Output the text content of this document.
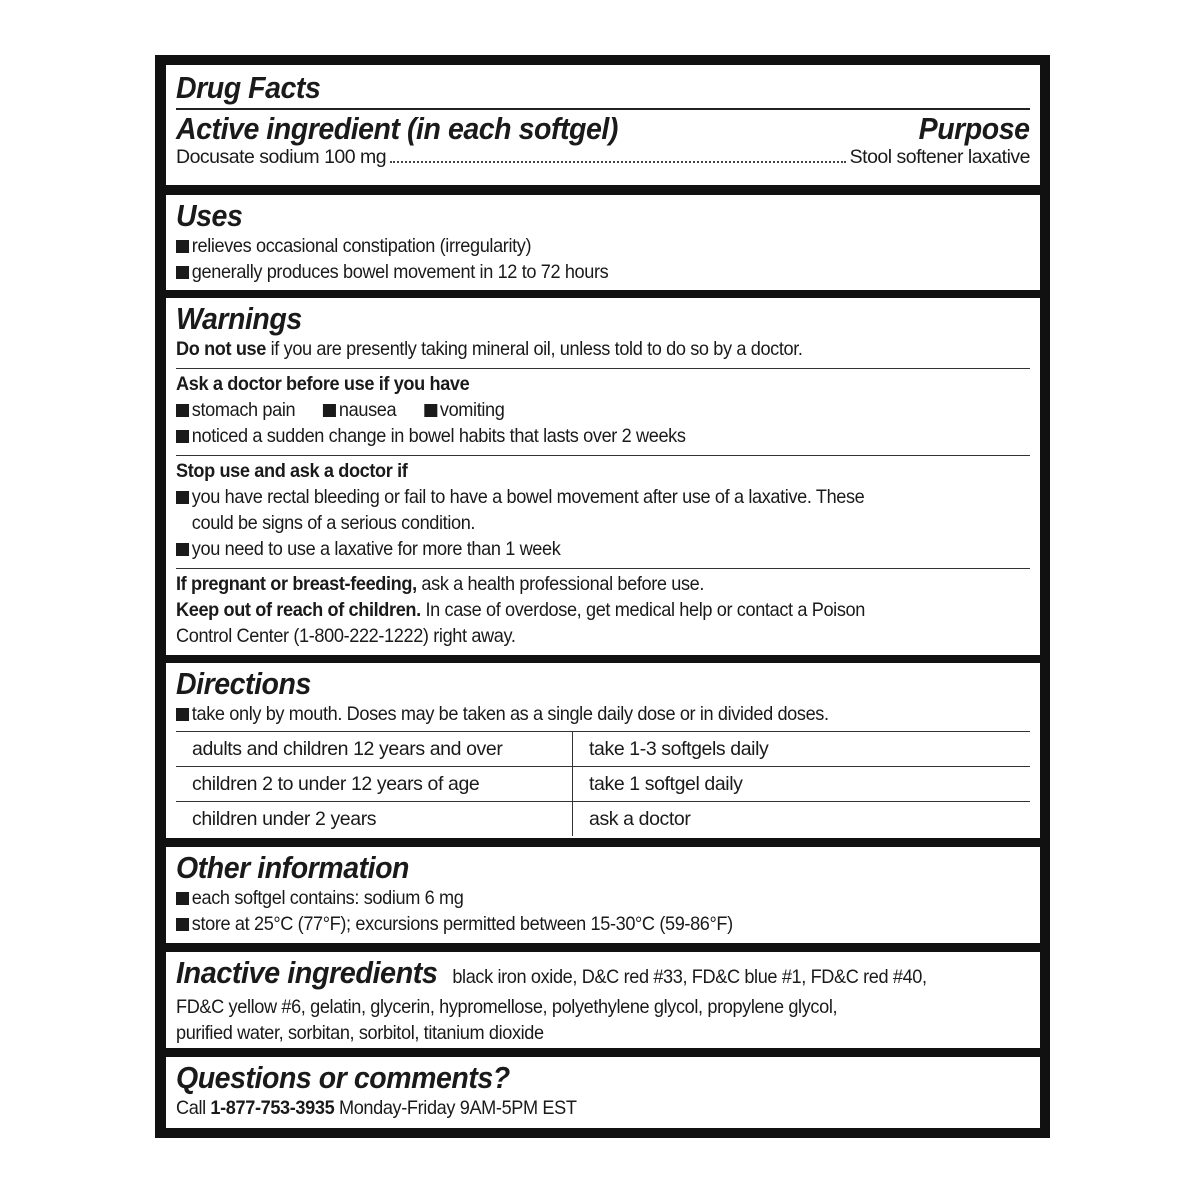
Drug Facts
Active ingredient (in each softgel)	Purpose
Docusate sodium 100 mg	Stool softener laxative
Uses
relieves occasional constipation (irregularity)
generally produces bowel movement in 12 to 72 hours
Warnings
Do not use if you are presently taking mineral oil, unless told to do so by a doctor.
Ask a doctor before use if you have
stomach pain nausea vomiting
noticed a sudden change in bowel habits that lasts over 2 weeks
Stop use and ask a doctor if
you have rectal bleeding or fail to have a bowel movement after use of a laxative. These
could be signs of a serious condition.
you need to use a laxative for more than 1 week
If pregnant or breast-feeding, ask a health professional before use.
Keep out of reach of children. In case of overdose, get medical help or contact a Poison
Control Center (1-800-222-1222) right away.
Directions
take only by mouth. Doses may be taken as a single daily dose or in divided doses.
adults and children 12 years and over	take 1-3 softgels daily
children 2 to under 12 years of age	take 1 softgel daily
children under 2 years	ask a doctor
Other information
each softgel contains: sodium 6 mg
store at 25°C (77°F); excursions permitted between 15-30°C (59-86°F)
Inactive ingredients black iron oxide, D&C red #33, FD&C blue #1, FD&C red #40,
FD&C yellow #6, gelatin, glycerin, hypromellose, polyethylene glycol, propylene glycol,
purified water, sorbitan, sorbitol, titanium dioxide
Questions or comments?
Call 1-877-753-3935 Monday-Friday 9AM-5PM EST
